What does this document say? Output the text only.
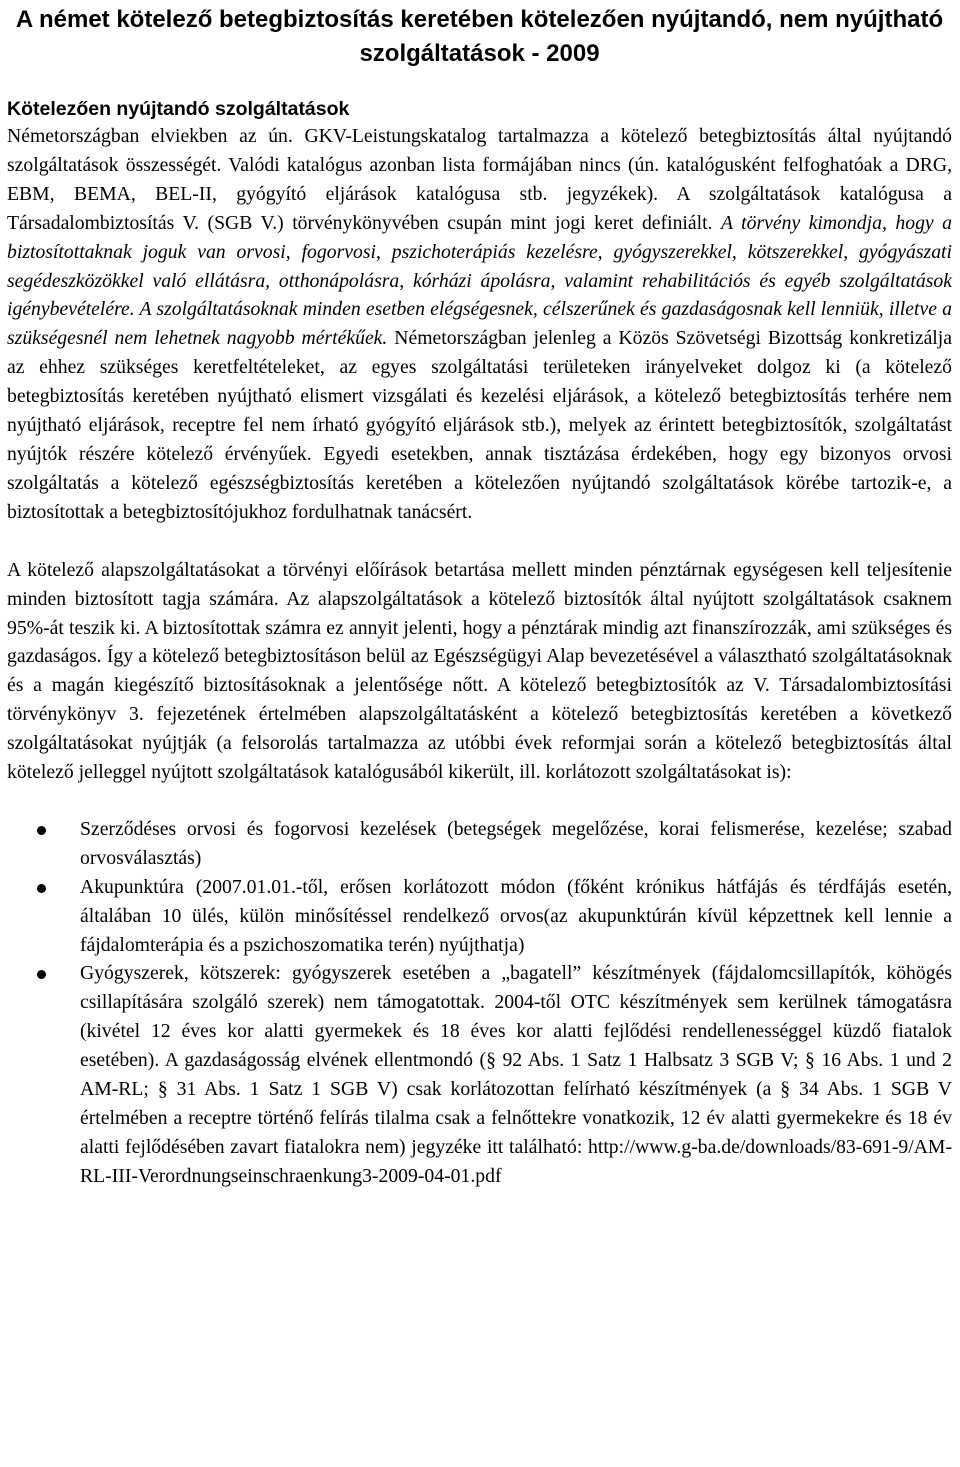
A német kötelező betegbiztosítás keretében kötelezően nyújtandó, nem nyújtható szolgáltatások - 2009
Kötelezően nyújtandó szolgáltatások

Németországban elviekben az ún. GKV-Leistungskatalog tartalmazza a kötelező betegbiztosítás által nyújtandó szolgáltatások összességét. Valódi katalógus azonban lista formájában nincs (ún. katalógusként felfoghatóak a DRG, EBM, BEMA, BEL-II, gyógyító eljárások katalógusa stb. jegyzékek). A szolgáltatások katalógusa a Társadalombiztosítás V. (SGB V.) törvénykönyvében csupán mint jogi keret definiált. A törvény kimondja, hogy a biztosítottaknak joguk van orvosi, fogorvosi, pszichoterápiás kezelésre, gyógyszerekkel, kötszerekkel, gyógyászati segédeszközökkel való ellátásra, otthonápolásra, kórházi ápolásra, valamint rehabilitációs és egyéb szolgáltatások igénybevételére. A szolgáltatásoknak minden esetben elégségesnek, célszerűnek és gazdaságosnak kell lenniük, illetve a szükségesnél nem lehetnek nagyobb mértékűek. Németországban jelenleg a Közös Szövetségi Bizottság konkretizálja az ehhez szükséges keretfeltételeket, az egyes szolgáltatási területeken irányelveket dolgoz ki (a kötelező betegbiztosítás keretében nyújtható elismert vizsgálati és kezelési eljárások, a kötelező betegbiztosítás terhére nem nyújtható eljárások, receptre fel nem írható gyógyító eljárások stb.), melyek az érintett betegbiztosítók, szolgáltatást nyújtók részére kötelező érvényűek. Egyedi esetekben, annak tisztázása érdekében, hogy egy bizonyos orvosi szolgáltatás a kötelező egészségbiztosítás keretében a kötelezően nyújtandó szolgáltatások körébe tartozik-e, a biztosítottak a betegbiztosítójukhoz fordulhatnak tanácsért.

A kötelező alapszolgáltatásokat a törvényi előírások betartása mellett minden pénztárnak egységesen kell teljesítenie minden biztosított tagja számára. Az alapszolgáltatások a kötelező biztosítók által nyújtott szolgáltatások csaknem 95%-át teszik ki. A biztosítottak számra ez annyit jelenti, hogy a pénztárak mindig azt finanszírozzák, ami szükséges és gazdaságos. Így a kötelező betegbiztosításon belül az Egészségügyi Alap bevezetésével a választható szolgáltatásoknak és a magán kiegészítő biztosításoknak a jelentősége nőtt. A kötelező betegbiztosítók az V. Társadalombiztosítási törvénykönyv 3. fejezetének értelmében alapszolgáltatásként a kötelező betegbiztosítás keretében a következő szolgáltatásokat nyújtják (a felsorolás tartalmazza az utóbbi évek reformjai során a kötelező betegbiztosítás által kötelező jelleggel nyújtott szolgáltatások katalógusából kikerült, ill. korlátozott szolgáltatásokat is):

Szerződéses orvosi és fogorvosi kezelések (betegségek megelőzése, korai felismerése, kezelése; szabad orvosválasztás)
Akupunktúra (2007.01.01.-től, erősen korlátozott módon (főként krónikus hátfájás és térdfájás esetén, általában 10 ülés, külön minősítéssel rendelkező orvos(az akupunktúrán kívül képzettnek kell lennie a fájdalomterápia és a pszichoszomatika terén) nyújthatja)
Gyógyszerek, kötszerek: gyógyszerek esetében a „bagatell” készítmények (fájdalomcsillapítók, köhögés csillapítására szolgáló szerek) nem támogatottak. 2004-től OTC készítmények sem kerülnek támogatásra (kivétel 12 éves kor alatti gyermekek és 18 éves kor alatti fejlődési rendellenességgel küzdő fiatalok esetében). A gazdaságosság elvének ellentmondó (§ 92 Abs. 1 Satz 1 Halbsatz 3 SGB V; § 16 Abs. 1 und 2 AM-RL; § 31 Abs. 1 Satz 1 SGB V) csak korlátozottan felírható készítmények (a § 34 Abs. 1 SGB V értelmében a receptre történő felírás tilalma csak a felnőttekre vonatkozik, 12 év alatti gyermekekre és 18 év alatti fejlődésében zavart fiatalokra nem) jegyzéke itt található: http://www.g-ba.de/downloads/83-691-9/AM-RL-III-Verordnungseinschraenkung3-2009-04-01.pdf
